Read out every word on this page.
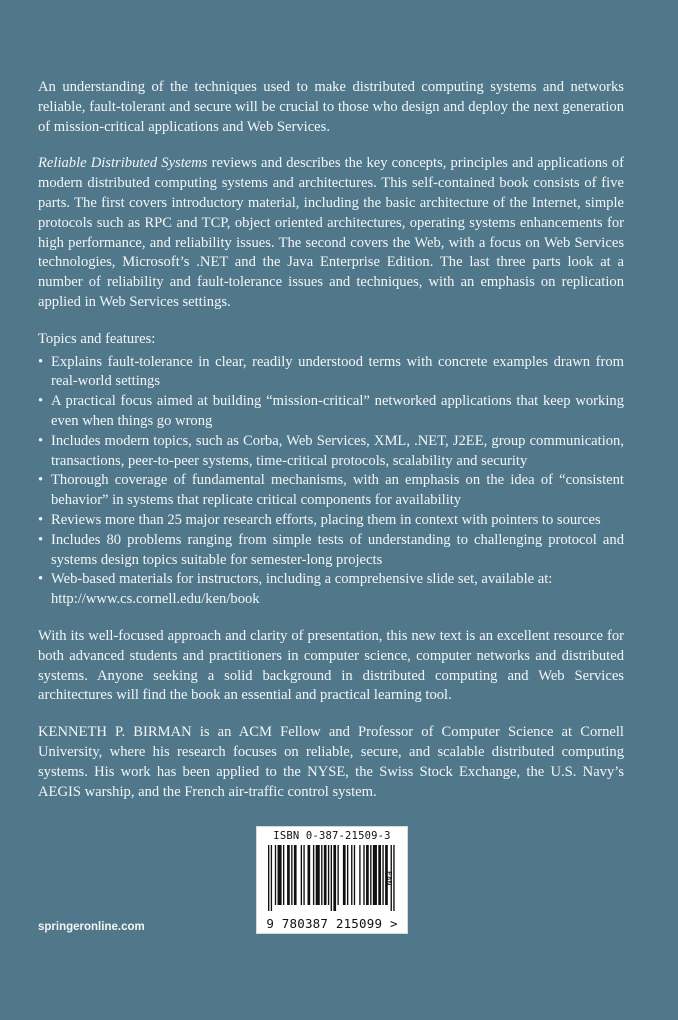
An understanding of the techniques used to make distributed computing systems and networks reliable, fault-tolerant and secure will be crucial to those who design and deploy the next generation of mission-critical applications and Web Services.

Reliable Distributed Systems reviews and describes the key concepts, principles and applications of modern distributed computing systems and architectures. This self-contained book consists of five parts. The first covers introductory material, including the basic architecture of the Internet, simple protocols such as RPC and TCP, object oriented architectures, operating systems enhancements for high performance, and reliability issues. The second covers the Web, with a focus on Web Services technologies, Microsoft’s .NET and the Java Enterprise Edition. The last three parts look at a number of reliability and fault-tolerance issues and techniques, with an emphasis on replication applied in Web Services settings.

Topics and features:

• Explains fault-tolerance in clear, readily understood terms with concrete examples drawn from real-world settings
• A practical focus aimed at building “mission-critical” networked applications that keep working even when things go wrong
• Includes modern topics, such as Corba, Web Services, XML, .NET, J2EE, group communication, transactions, peer-to-peer systems, time-critical protocols, scalability and security
• Thorough coverage of fundamental mechanisms, with an emphasis on the idea of “consistent behavior” in systems that replicate critical components for availability
• Reviews more than 25 major research efforts, placing them in context with pointers to sources
• Includes 80 problems ranging from simple tests of understanding to challenging protocol and systems design topics suitable for semester-long projects
• Web-based materials for instructors, including a comprehensive slide set, available at:
http://www.cs.cornell.edu/ken/book

With its well-focused approach and clarity of presentation, this new text is an excellent resource for both advanced students and practitioners in computer science, computer networks and distributed systems. Anyone seeking a solid background in distributed computing and Web Services architectures will find the book an essential and practical learning tool.

KENNETH P. BIRMAN is an ACM Fellow and Professor of Computer Science at Cornell University, where his research focuses on reliable, secure, and scalable distributed computing systems. His work has been applied to the NYSE, the Swiss Stock Exchange, the U.S. Navy’s AEGIS warship, and the French air-traffic control system.

ISBN 0-387-21509-3
EAN
9 780387 215099 >
springeronline.com
